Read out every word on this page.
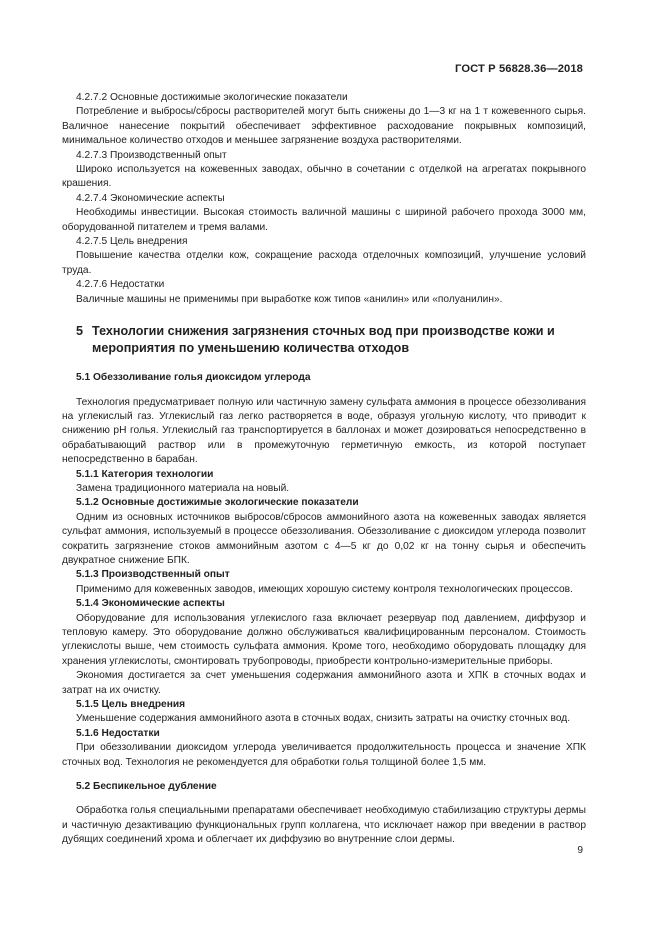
ГОСТ Р 56828.36—2018

4.2.7.2 Основные достижимые экологические показатели

Потребление и выбросы/сбросы растворителей могут быть снижены до 1—3 кг на 1 т кожевенного сырья. Валичное нанесение покрытий обеспечивает эффективное расходование покрывных композиций, минимальное количество отходов и меньшее загрязнение воздуха растворителями.

4.2.7.3 Производственный опыт

Широко используется на кожевенных заводах, обычно в сочетании с отделкой на агрегатах покрывного крашения.

4.2.7.4 Экономические аспекты

Необходимы инвестиции. Высокая стоимость валичной машины с шириной рабочего прохода 3000 мм, оборудованной питателем и тремя валами.

4.2.7.5 Цель внедрения

Повышение качества отделки кож, сокращение расхода отделочных композиций, улучшение условий труда.

4.2.7.6 Недостатки

Валичные машины не применимы при выработке кож типов «анилин» или «полуанилин».

5 Технологии снижения загрязнения сточных вод при производстве кожи и мероприятия по уменьшению количества отходов

5.1 Обеззоливание голья диоксидом углерода

Технология предусматривает полную или частичную замену сульфата аммония в процессе обеззоливания на углекислый газ. Углекислый газ легко растворяется в воде, образуя угольную кислоту, что приводит к снижению рН голья. Углекислый газ транспортируется в баллонах и может дозироваться непосредственно в обрабатывающий раствор или в промежуточную герметичную емкость, из которой поступает непосредственно в барабан.

5.1.1 Категория технологии

Замена традиционного материала на новый.

5.1.2 Основные достижимые экологические показатели

Одним из основных источников выбросов/сбросов аммонийного азота на кожевенных заводах является сульфат аммония, используемый в процессе обеззоливания. Обеззоливание с диоксидом углерода позволит сократить загрязнение стоков аммонийным азотом с 4—5 кг до 0,02 кг на тонну сырья и обеспечить двукратное снижение БПК.

5.1.3 Производственный опыт

Применимо для кожевенных заводов, имеющих хорошую систему контроля технологических процессов.

5.1.4 Экономические аспекты

Оборудование для использования углекислого газа включает резервуар под давлением, диффузор и тепловую камеру. Это оборудование должно обслуживаться квалифицированным персоналом. Стоимость углекислоты выше, чем стоимость сульфата аммония. Кроме того, необходимо оборудовать площадку для хранения углекислоты, смонтировать трубопроводы, приобрести контрольно-измерительные приборы.

Экономия достигается за счет уменьшения содержания аммонийного азота и ХПК в сточных водах и затрат на их очистку.

5.1.5 Цель внедрения

Уменьшение содержания аммонийного азота в сточных водах, снизить затраты на очистку сточных вод.

5.1.6 Недостатки

При обеззоливании диоксидом углерода увеличивается продолжительность процесса и значение ХПК сточных вод. Технология не рекомендуется для обработки голья толщиной более 1,5 мм.

5.2 Беспикельное дубление

Обработка голья специальными препаратами обеспечивает необходимую стабилизацию структуры дермы и частичную дезактивацию функциональных групп коллагена, что исключает нажор при введении в раствор дубящих соединений хрома и облегчает их диффузию во внутренние слои дермы.

9
